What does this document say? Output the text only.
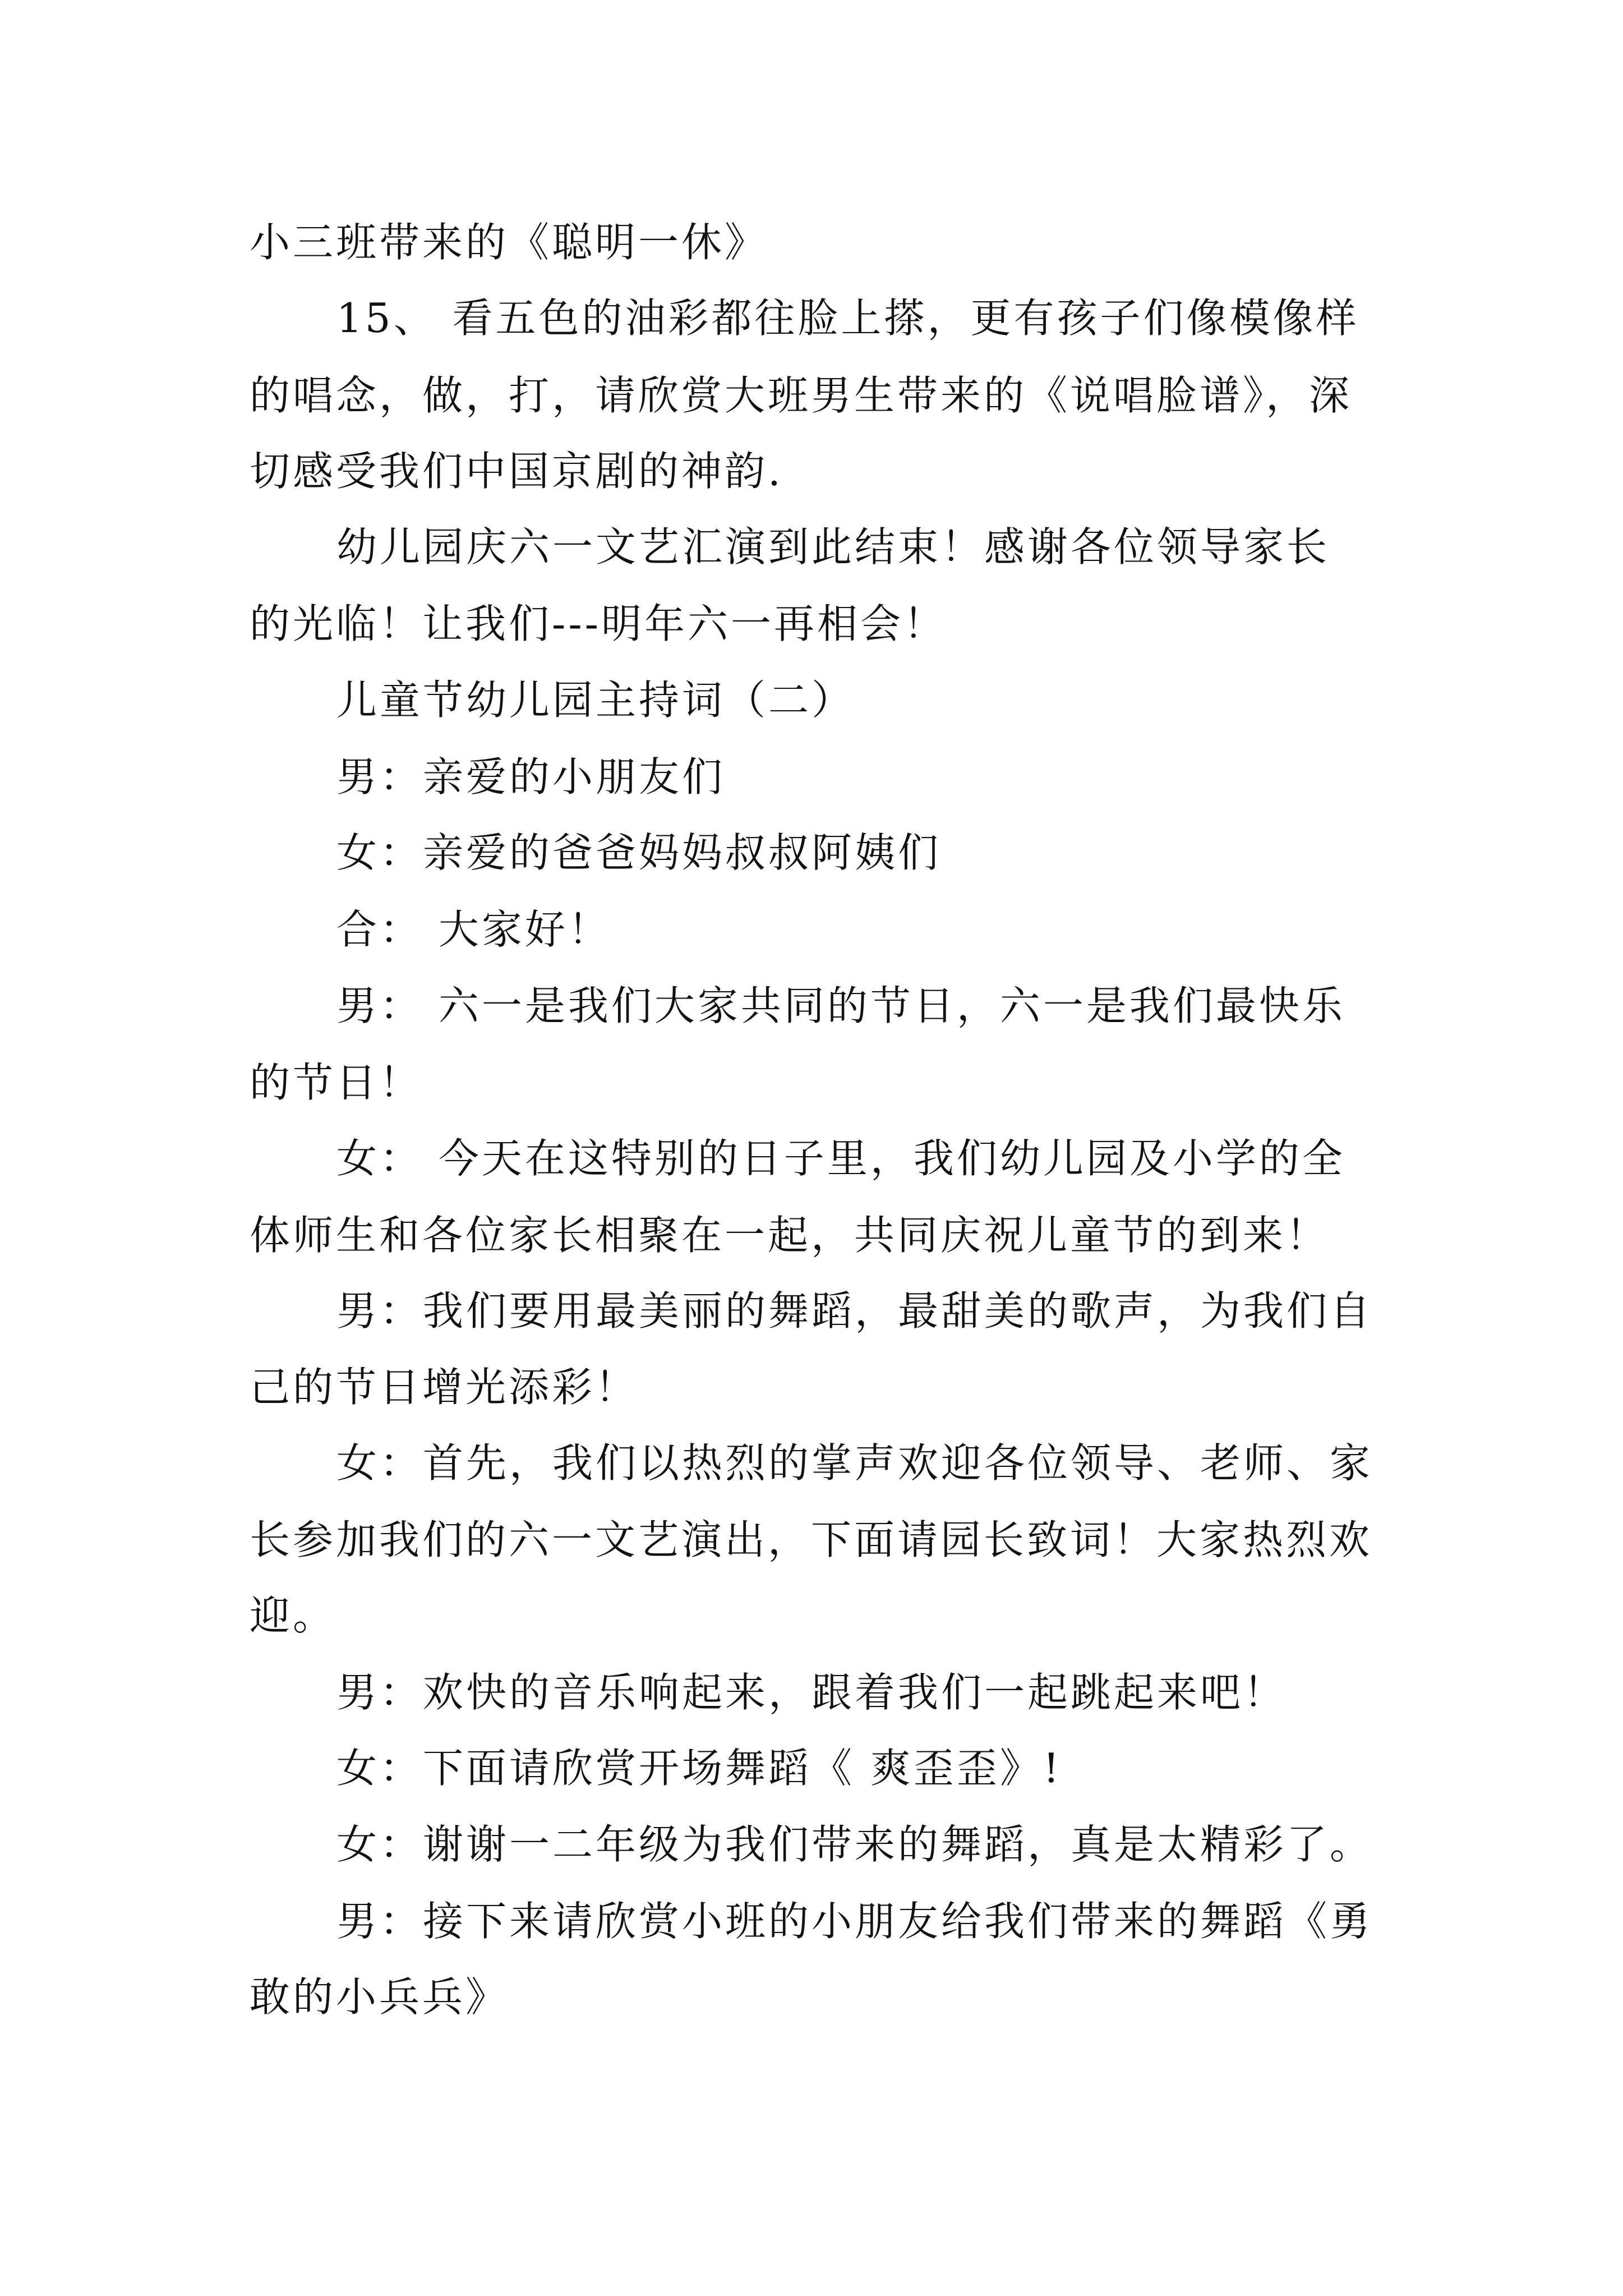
小三班带来的《聪明一休》
15、 看五色的油彩都往脸上搽，更有孩子们像模像样
的唱念，做，打，请欣赏大班男生带来的《说唱脸谱》，深
切感受我们中国京剧的神韵.
幼儿园庆六一文艺汇演到此结束！感谢各位领导家长
的光临！让我们---明年六一再相会！
儿童节幼儿园主持词（二）
男：亲爱的小朋友们
女：亲爱的爸爸妈妈叔叔阿姨们
合： 大家好！
男： 六一是我们大家共同的节日，六一是我们最快乐
的节日！
女： 今天在这特别的日子里，我们幼儿园及小学的全
体师生和各位家长相聚在一起，共同庆祝儿童节的到来！
男：我们要用最美丽的舞蹈，最甜美的歌声，为我们自
己的节日增光添彩！
女：首先，我们以热烈的掌声欢迎各位领导、老师、家
长参加我们的六一文艺演出，下面请园长致词！大家热烈欢
迎。
男：欢快的音乐响起来，跟着我们一起跳起来吧！
女：下面请欣赏开场舞蹈《 爽歪歪》!
女：谢谢一二年级为我们带来的舞蹈，真是太精彩了。
男：接下来请欣赏小班的小朋友给我们带来的舞蹈《勇
敢的小兵兵》
